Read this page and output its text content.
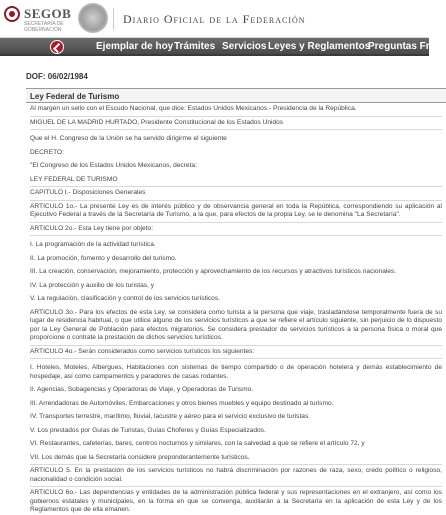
SEGOB
SECRETARÍA DE GOBERNACIÓN
Diario Oficial de la Federación
Ejemplar de hoy Trámites Servicios Leyes y Reglamentos
Preguntas Frec
DOF: 06/02/1984
Ley Federal de Turismo

Al margen un sello con el Escudo Nacional, que dice: Estados Unidos Mexicanos.- Presidencia de la República.

MIGUEL DE LA MADRID HURTADO, Presidente Constitucional de los Estados Unidos

Que el H. Congreso de la Unión se ha servido dirigirme el siguiente

DECRETO:

"El Congreso de los Estados Unidos Mexicanos, decreta:

LEY FEDERAL DE TURISMO

CAPITULO I.- Disposiciones Generales

ARTICULO 1o.- La presente Ley es de interés público y de observancia general en toda la República, correspondiendo su aplicación al Ejecutivo Federal a través de la Secretaría de Turismo, a la que, para efectos de la propia Ley, se le denomina "La Secretaría".

ARTICULO 2o.- Esta Ley tiene por objeto:

I. La programación de la actividad turística.

II. La promoción, fomento y desarrollo del turismo.

III. La creación, conservación, mejoramiento, protección y aprovechamiento de los recursos y atractivos turísticos nacionales.

IV. La protección y auxilio de los turistas, y

V. La regulación, clasificación y control de los servicios turísticos.

ARTICULO 3o.- Para los efectos de esta Ley, se considera como turista a la persona que viaje, trasladándose temporalmente fuera de su lugar de residencia habitual, o que utilice alguno de los servicios turísticos a que se refiere el artículo siguiente, sin perjuicio de lo dispuesto por la Ley General de Población para efectos migratorios. Se considera prestador de servicios turísticos a la persona física o moral que proporcione o contrate la prestación de dichos servicios turísticos.

ARTICULO 4o.- Serán considerados como servicios turísticos los siguientes:

I. Hoteles, Moteles, Albergues, Habitaciones con sistemas de tiempo compartido o de operación hotelera y demás establecimiento de hospedaje, así como campamentos y paradores de casas rodantes.

II. Agencias, Subagencias y Operadoras de Viaje, y Operadoras de Turismo.

III. Arrendadoras de Automóviles, Embarcaciones y otros bienes muebles y equipo destinado al turismo.

IV. Transportes terrestre, marítimo, fluvial, lacustre y aéreo para el servicio exclusivo de turistas.

V. Los prestados por Guías de Turistas, Guías Choferes y Guías Especializados.

VI. Restaurantes, cafeterías, bares, centros nocturnos y similares, con la salvedad a que se refiere el artículo 72, y

VII. Los demás que la Secretaría considere preponderantemente turísticos.

ARTICULO 5. En la prestación de los servicios turísticos no habrá discriminación por razones de raza, sexo, credo político o religioso, nacionalidad o condición social.

ARTICULO 6o.- Las dependencias y entidades de la administración pública federal y sus representaciones en el extranjero, así como los gobiernos estatales y municipales, en la forma en que se convenga, auxiliarán a la Secretaría en la aplicación de esta Ley y de los Reglamentos que de ella emanen.
